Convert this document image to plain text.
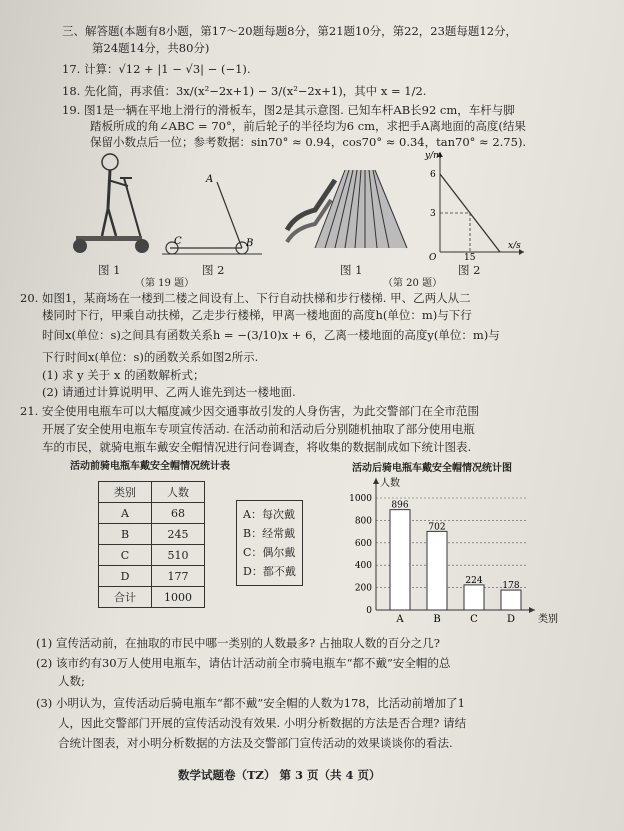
三、解答题(本题有8小题，第17～20题每题8分，第21题10分，第22，23题每题12分，
第24题14分，共80分)
17. 计算：√12 + |1 − √3| − (−1).
18. 先化简，再求值：3x/(x²−2x+1) − 3/(x²−2x+1)，其中 x = 1/2.
19. 图1是一辆在平地上滑行的滑板车，图2是其示意图. 已知车杆AB长92 cm，车杆与脚
踏板所成的角∠ABC = 70°，前后轮子的半径均为6 cm，求把手A离地面的高度(结果
保留小数点后一位；参考数据：sin70° ≈ 0.94，cos70° ≈ 0.34，tan70° ≈ 2.75).
图 1
A
B
C
图 2
（第 19 题）
图 1
y/m
x/s
O
6
3
15
图 2
（第 20 题）
20. 如图1，某商场在一楼到二楼之间设有上、下行自动扶梯和步行楼梯. 甲、乙两人从二
楼同时下行，甲乘自动扶梯，乙走步行楼梯，甲离一楼地面的高度h(单位：m)与下行
时间x(单位：s)之间具有函数关系h = −(3/10)x + 6，乙离一楼地面的高度y(单位：m)与
下行时间x(单位：s)的函数关系如图2所示.
(1) 求 y 关于 x 的函数解析式；
(2) 请通过计算说明甲、乙两人谁先到达一楼地面.
21. 安全使用电瓶车可以大幅度减少因交通事故引发的人身伤害，为此交警部门在全市范围
开展了安全使用电瓶车专项宣传活动. 在活动前和活动后分别随机抽取了部分使用电瓶
车的市民，就骑电瓶车戴安全帽情况进行问卷调查，将收集的数据制成如下统计图表.
活动前骑电瓶车戴安全帽情况统计表
类别	人数
A	68
B	245
C	510
D	177
合计	1000
A：每次戴
B：经常戴
C：偶尔戴
D：都不戴
活动后骑电瓶车戴安全帽情况统计图
人数
类别
0
200
400
600
800
1000
896
A
702
B
224
C
178
D
(1) 宣传活动前，在抽取的市民中哪一类别的人数最多? 占抽取人数的百分之几?
(2) 该市约有30万人使用电瓶车，请估计活动前全市骑电瓶车“都不戴”安全帽的总
人数;
(3) 小明认为，宣传活动后骑电瓶车“都不戴”安全帽的人数为178，比活动前增加了1
人，因此交警部门开展的宣传活动没有效果. 小明分析数据的方法是否合理? 请结
合统计图表，对小明分析数据的方法及交警部门宣传活动的效果谈谈你的看法.
数学试题卷（TZ） 第 3 页（共 4 页）
